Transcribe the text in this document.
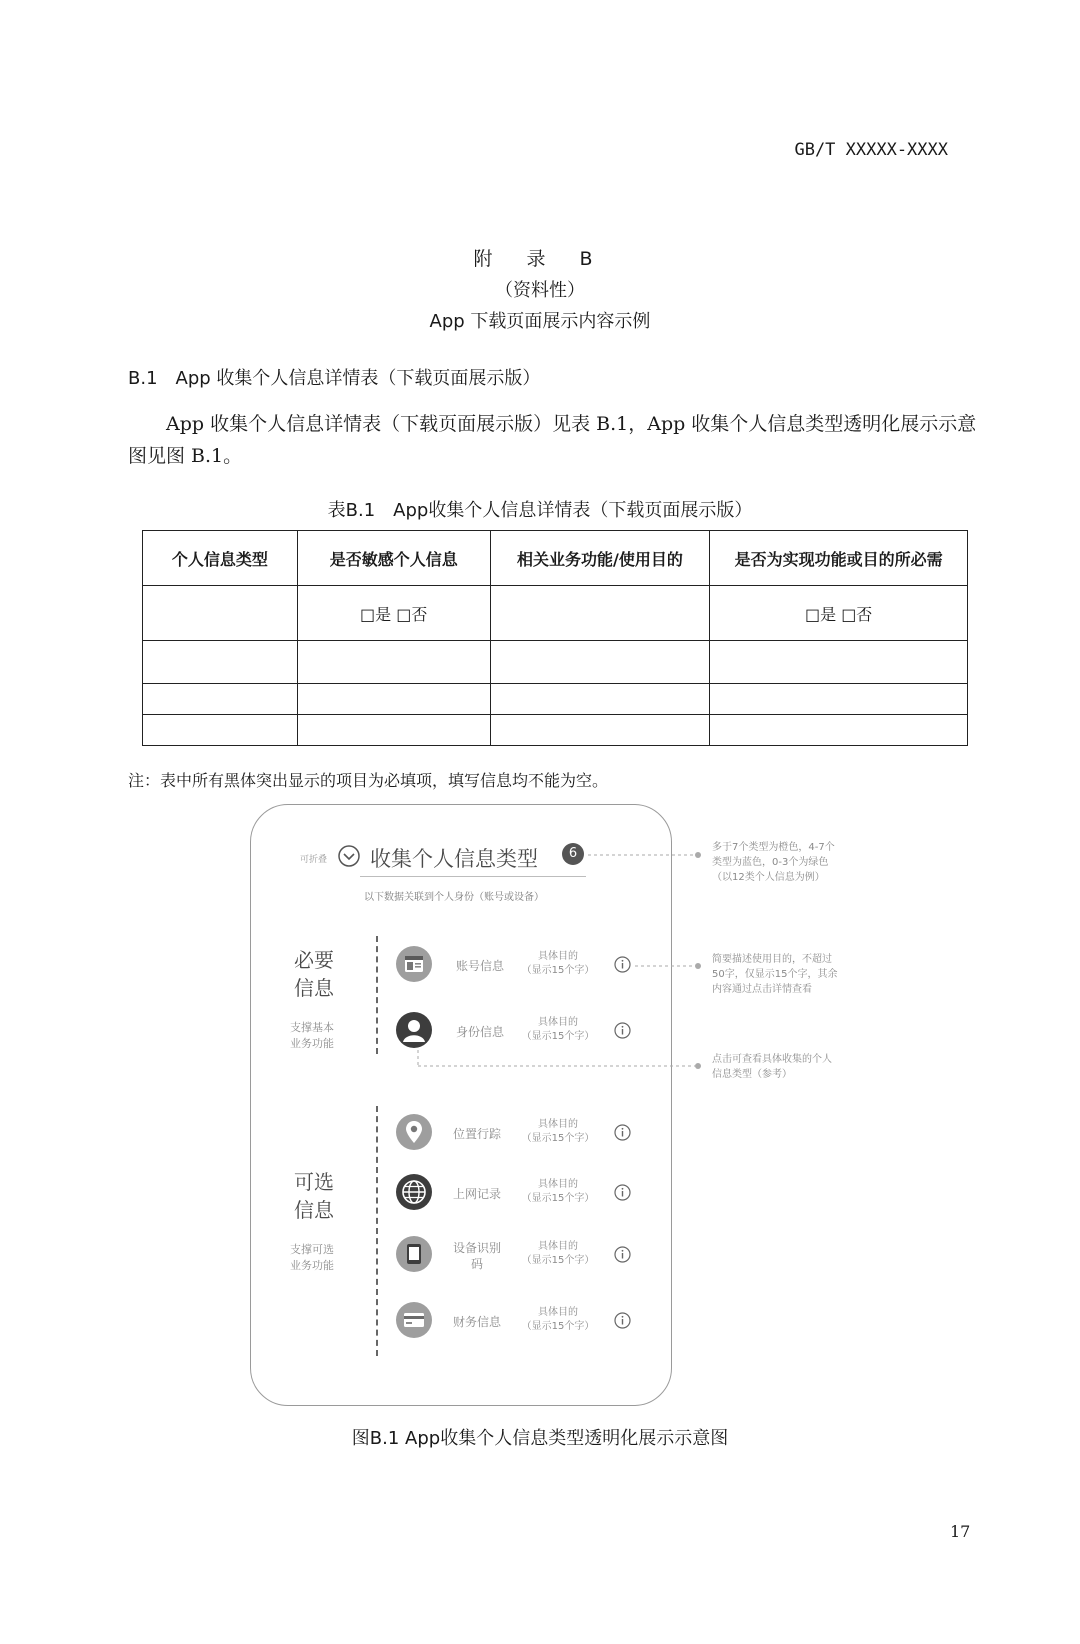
GB/T XXXXX-XXXX
附 录 B
（资料性）
App 下载页面展示内容示例
B.1　App 收集个人信息详情表（下载页面展示版）
App 收集个人信息详情表（下载页面展示版）见表 B.1，App 收集个人信息类型透明化展示示意图见图 B.1。
表B.1　App收集个人信息详情表（下载页面展示版）
个人信息类型	是否敏感个人信息	相关业务功能/使用目的	是否为实现功能或目的所必需
	□是 □否		□是 □否

注：表中所有黑体突出显示的项目为必填项，填写信息均不能为空。
可折叠 收集个人信息类型	6
以下数据关联到个人身份（账号或设备）
必要
信息
支撑基本
业务功能
可选
信息
支撑可选
业务功能
账号信息
具体目的
（显示15个字）
身份信息
具体目的
（显示15个字）
位置行踪
具体目的
（显示15个字）
上网记录
具体目的
（显示15个字）
设备识别
码
具体目的
（显示15个字）
财务信息
具体目的
（显示15个字）
多于7个类型为橙色，4-7个
类型为蓝色，0-3个为绿色
（以12类个人信息为例）
简要描述使用目的，不超过
50字，仅显示15个字，其余
内容通过点击详情查看
点击可查看具体收集的个人
信息类型（参考）
图B.1 App收集个人信息类型透明化展示示意图
17
